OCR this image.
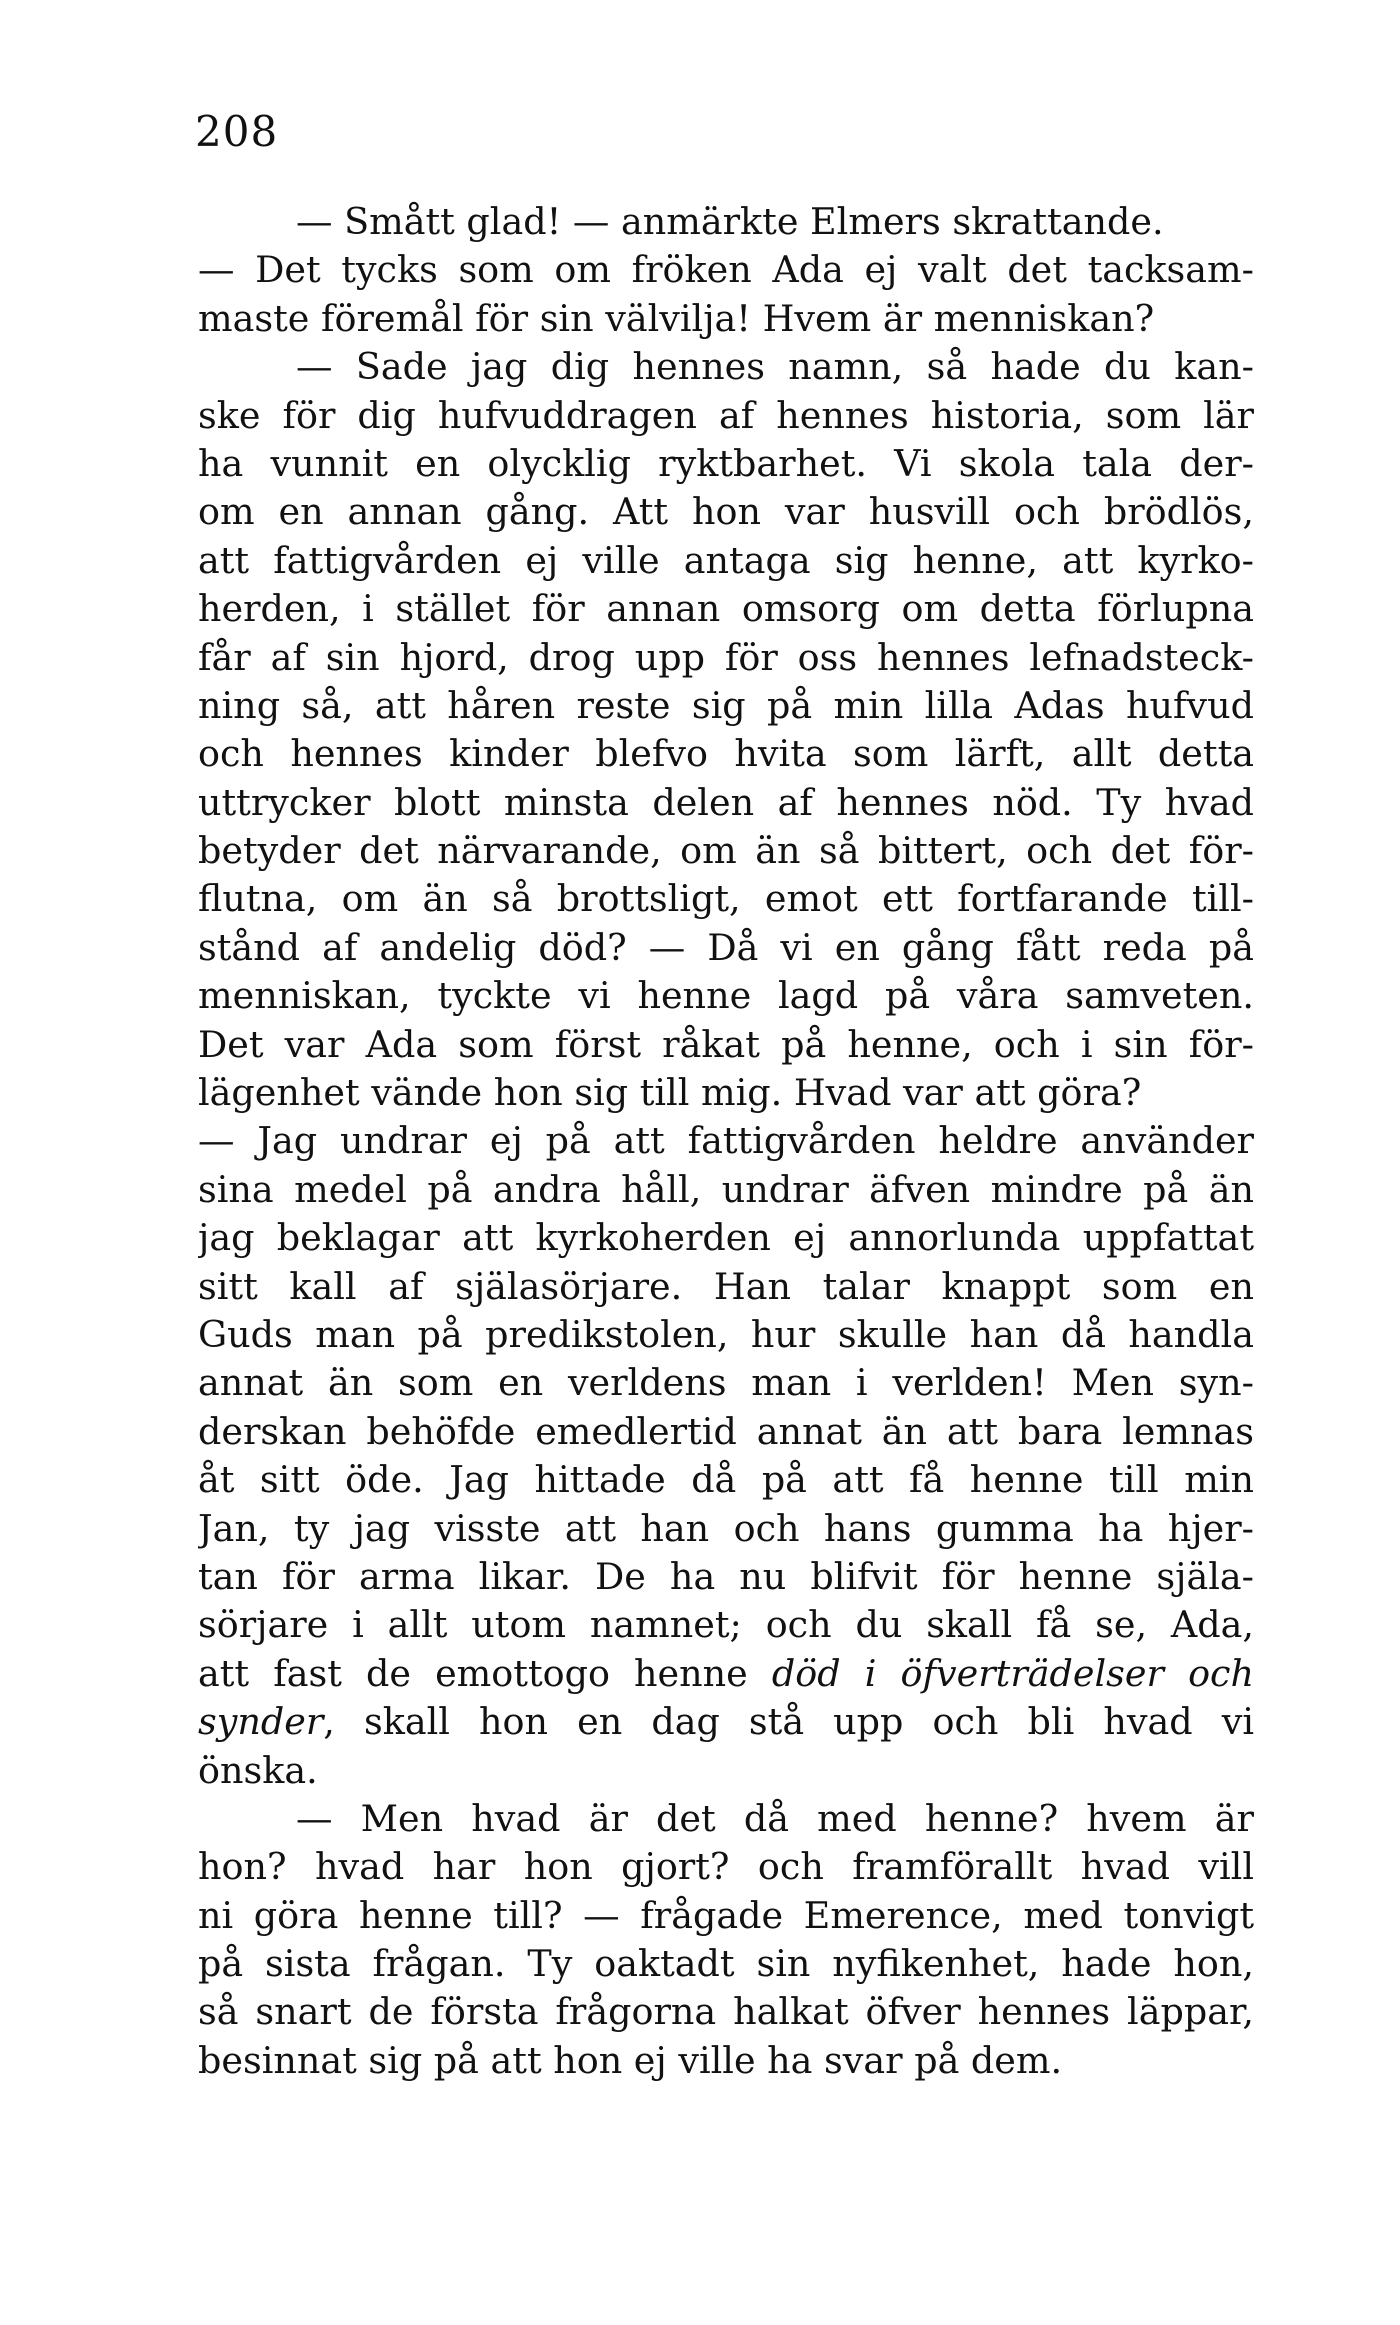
208
— Smått glad! — anmärkte Elmers skrattande.
— Det tycks som om fröken Ada ej valt det tacksam-
maste föremål för sin välvilja! Hvem är menniskan?
— Sade jag dig hennes namn, så hade du kan-
ske för dig hufvuddragen af hennes historia, som lär
ha vunnit en olycklig ryktbarhet. Vi skola tala der-
om en annan gång. Att hon var husvill och brödlös,
att fattigvården ej ville antaga sig henne, att kyrko-
herden, i stället för annan omsorg om detta förlupna
får af sin hjord, drog upp för oss hennes lefnadsteck-
ning så, att håren reste sig på min lilla Adas hufvud
och hennes kinder blefvo hvita som lärft, allt detta
uttrycker blott minsta delen af hennes nöd. Ty hvad
betyder det närvarande, om än så bittert, och det för-
flutna, om än så brottsligt, emot ett fortfarande till-
stånd af andelig död? — Då vi en gång fått reda på
menniskan, tyckte vi henne lagd på våra samveten.
Det var Ada som först råkat på henne, och i sin för-
lägenhet vände hon sig till mig. Hvad var att göra?
— Jag undrar ej på att fattigvården heldre använder
sina medel på andra håll, undrar äfven mindre på än
jag beklagar att kyrkoherden ej annorlunda uppfattat
sitt kall af själasörjare. Han talar knappt som en
Guds man på predikstolen, hur skulle han då handla
annat än som en verldens man i verlden! Men syn-
derskan behöfde emedlertid annat än att bara lemnas
åt sitt öde. Jag hittade då på att få henne till min
Jan, ty jag visste att han och hans gumma ha hjer-
tan för arma likar. De ha nu blifvit för henne själa-
sörjare i allt utom namnet; och du skall få se, Ada,
att fast de emottogo henne död i öfverträdelser och
synder, skall hon en dag stå upp och bli hvad vi
önska.
— Men hvad är det då med henne? hvem är
hon? hvad har hon gjort? och framförallt hvad vill
ni göra henne till? — frågade Emerence, med tonvigt
på sista frågan. Ty oaktadt sin nyfikenhet, hade hon,
så snart de första frågorna halkat öfver hennes läppar,
besinnat sig på att hon ej ville ha svar på dem.
